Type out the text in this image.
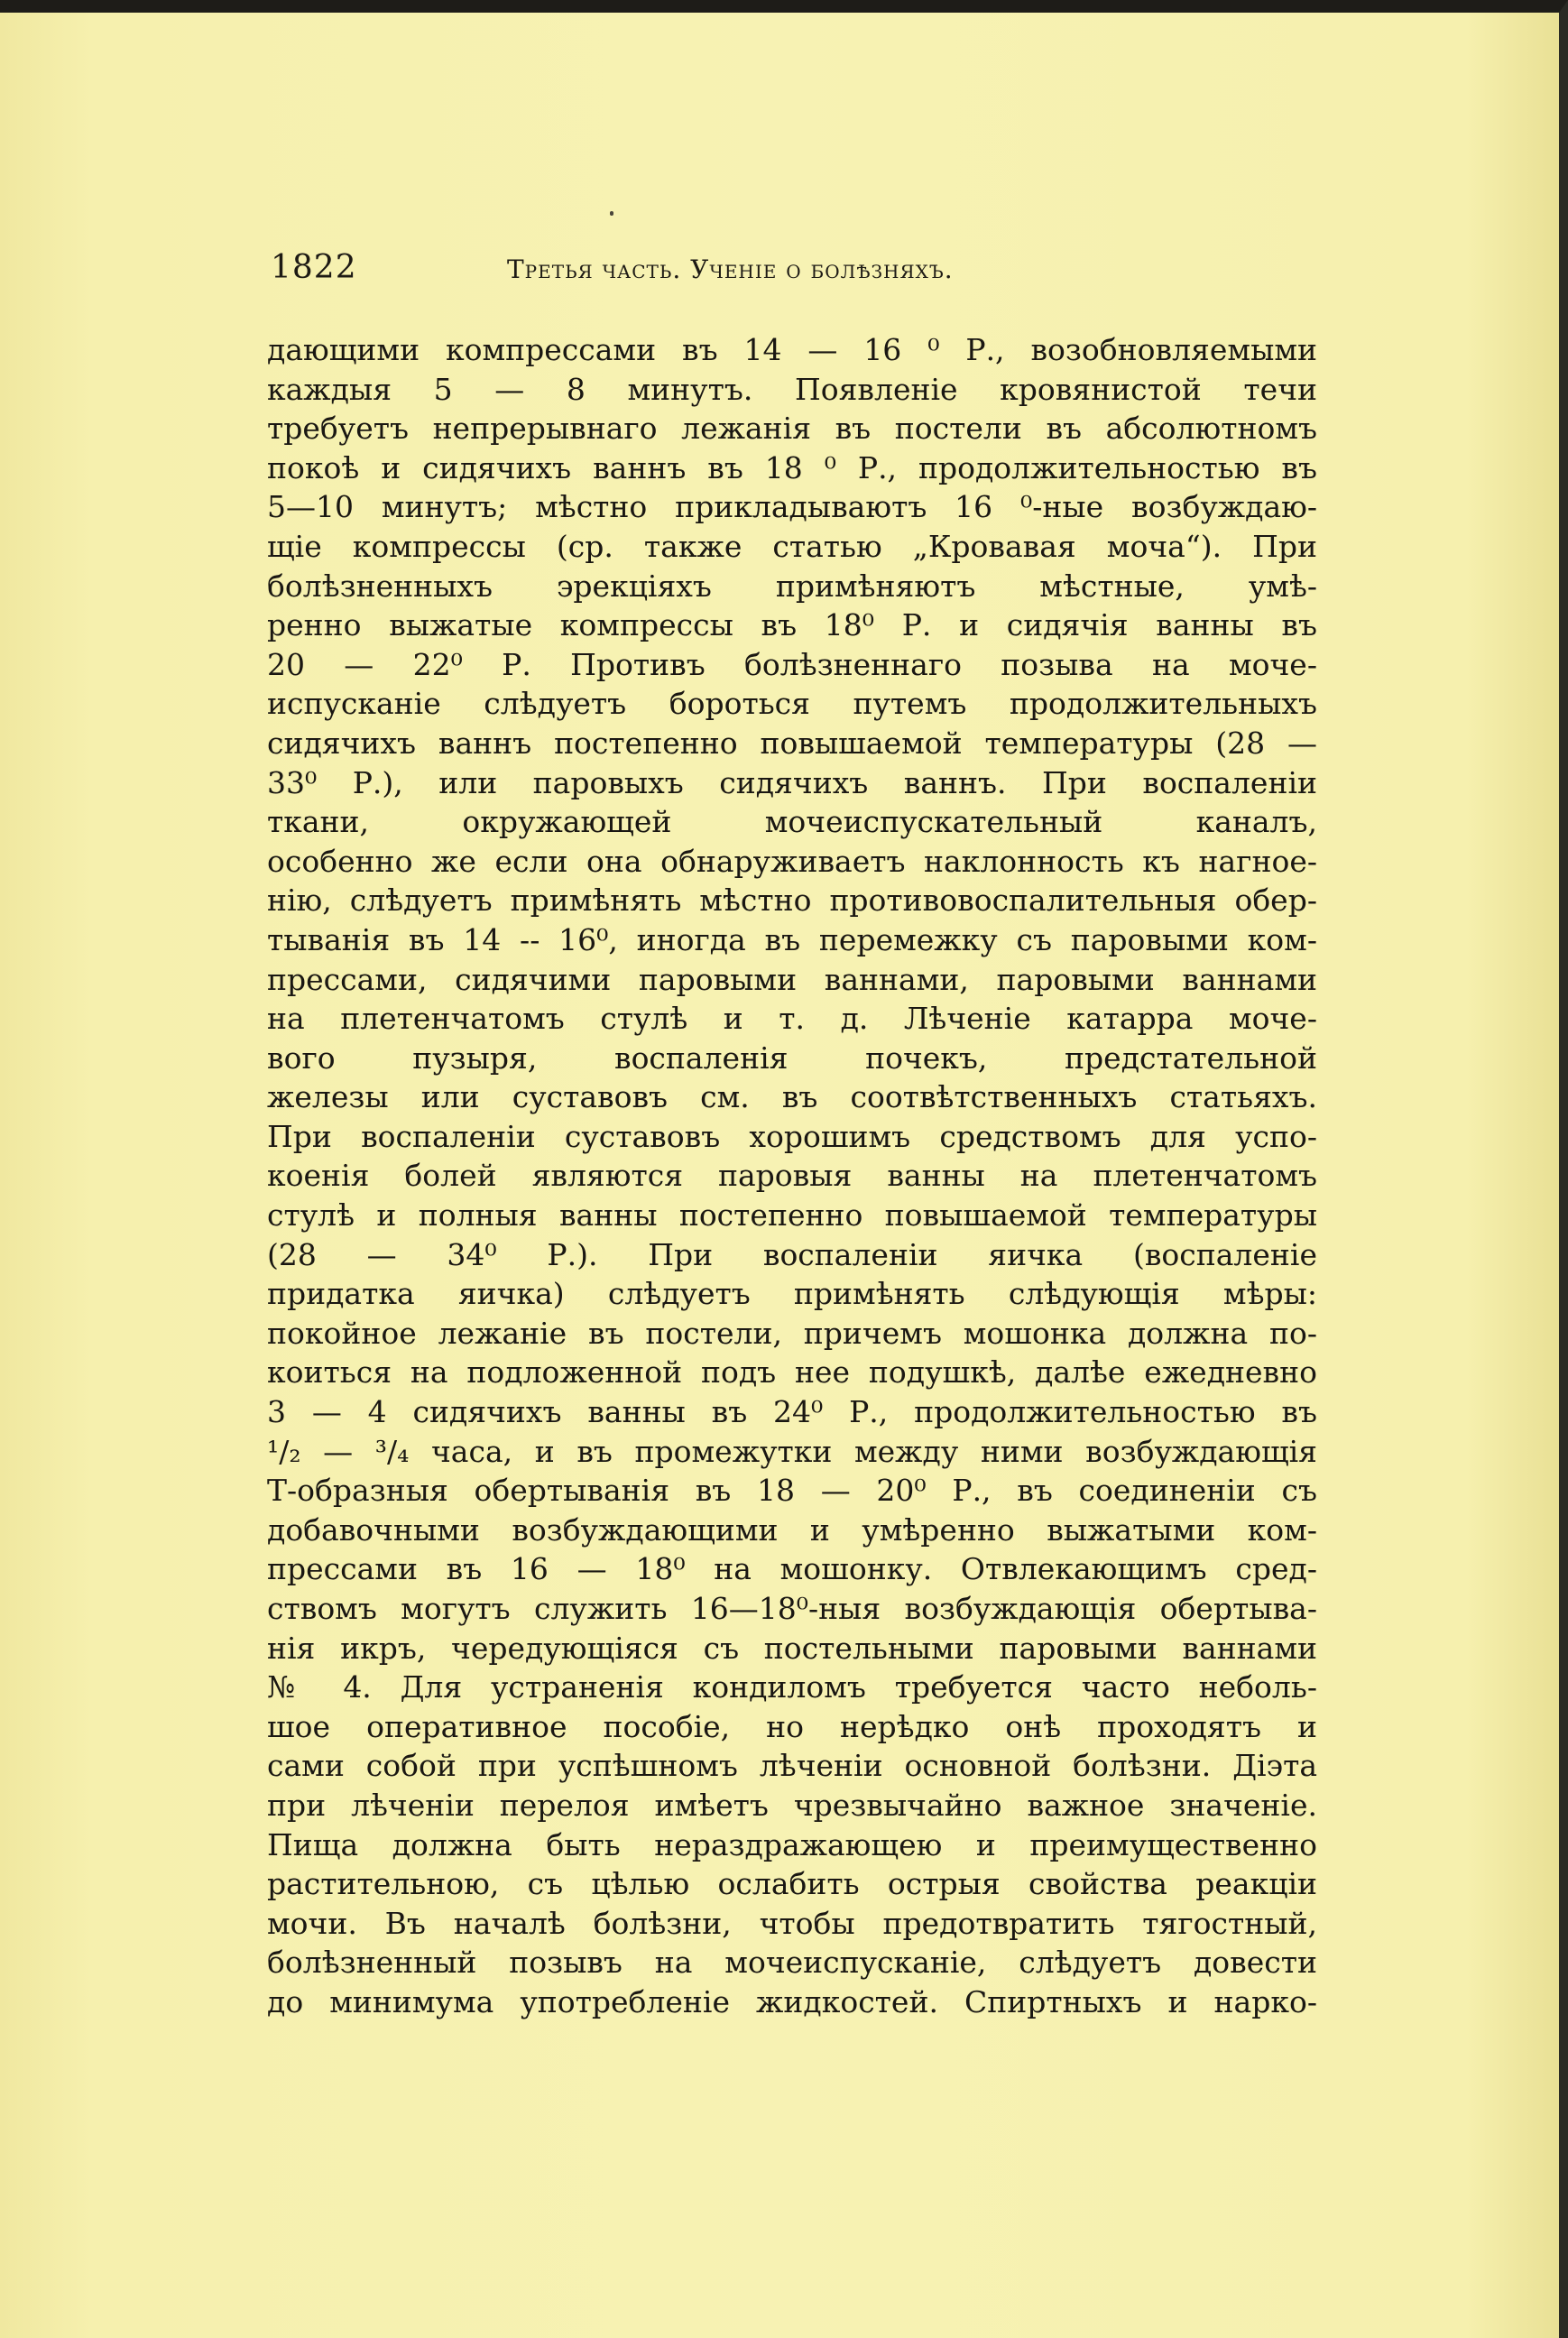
1822	Третья часть. Ученіе о болѣзняхъ.
дающими компрессами въ 14 — 16 ⁰ Р., возобновляемыми
каждыя 5 — 8 минутъ. Появленіе кровянистой течи
требуетъ непрерывнаго лежанія въ постели въ абсолютномъ
покоѣ и сидячихъ ваннъ въ 18 ⁰ Р., продолжительностью въ
5—10 минутъ; мѣстно прикладываютъ 16 ⁰-ные возбуждаю-
щіе компрессы (ср. также статью „Кровавая моча“). При
болѣзненныхъ эрекціяхъ примѣняютъ мѣстные, умѣ-
ренно выжатые компрессы въ 18⁰ Р. и сидячія ванны въ
20 — 22⁰ Р. Противъ болѣзненнаго позыва на моче-
испусканіе слѣдуетъ бороться путемъ продолжительныхъ
сидячихъ ваннъ постепенно повышаемой температуры (28 —
33⁰ Р.), или паровыхъ сидячихъ ваннъ. При воспаленіи
ткани, окружающей мочеиспускательный каналъ,
особенно же если она обнаруживаетъ наклонность къ нагное-
нію, слѣдуетъ примѣнять мѣстно противовоспалительныя обер-
тыванія въ 14 -- 16⁰, иногда въ перемежку съ паровыми ком-
прессами, сидячими паровыми ваннами, паровыми ваннами
на плетенчатомъ стулѣ и т. д. Лѣченіе катарра моче-
вого пузыря, воспаленія почекъ, предстательной
железы или суставовъ см. въ соотвѣтственныхъ статьяхъ.
При воспаленіи суставовъ хорошимъ средствомъ для успо-
коенія болей являются паровыя ванны на плетенчатомъ
стулѣ и полныя ванны постепенно повышаемой температуры
(28 — 34⁰ Р.). При воспаленіи яичка (воспаленіе
придатка яичка) слѣдуетъ примѣнять слѣдующія мѣры:
покойное лежаніе въ постели, причемъ мошонка должна по-
коиться на подложенной подъ нее подушкѣ, далѣе ежедневно
3 — 4 сидячихъ ванны въ 24⁰ Р., продолжительностью въ
¹/₂ — ³/₄ часа, и въ промежутки между ними возбуждающія
Т-образныя обертыванія въ 18 — 20⁰ Р., въ соединеніи съ
добавочными возбуждающими и умѣренно выжатыми ком-
прессами въ 16 — 18⁰ на мошонку. Отвлекающимъ сред-
ствомъ могутъ служить 16—18⁰-ныя возбуждающія обертыва-
нія икръ, чередующіяся съ постельными паровыми ваннами
№ 4. Для устраненія кондиломъ требуется часто неболь-
шое оперативное пособіе, но нерѣдко онѣ проходятъ и
сами собой при успѣшномъ лѣченіи основной болѣзни. Діэта
при лѣченіи перелоя имѣетъ чрезвычайно важное значеніе.
Пища должна быть нераздражающею и преимущественно
растительною, съ цѣлью ослабить острыя свойства реакціи
мочи. Въ началѣ болѣзни, чтобы предотвратить тягостный,
болѣзненный позывъ на мочеиспусканіе, слѣдуетъ довести
до минимума употребленіе жидкостей. Спиртныхъ и нарко-
